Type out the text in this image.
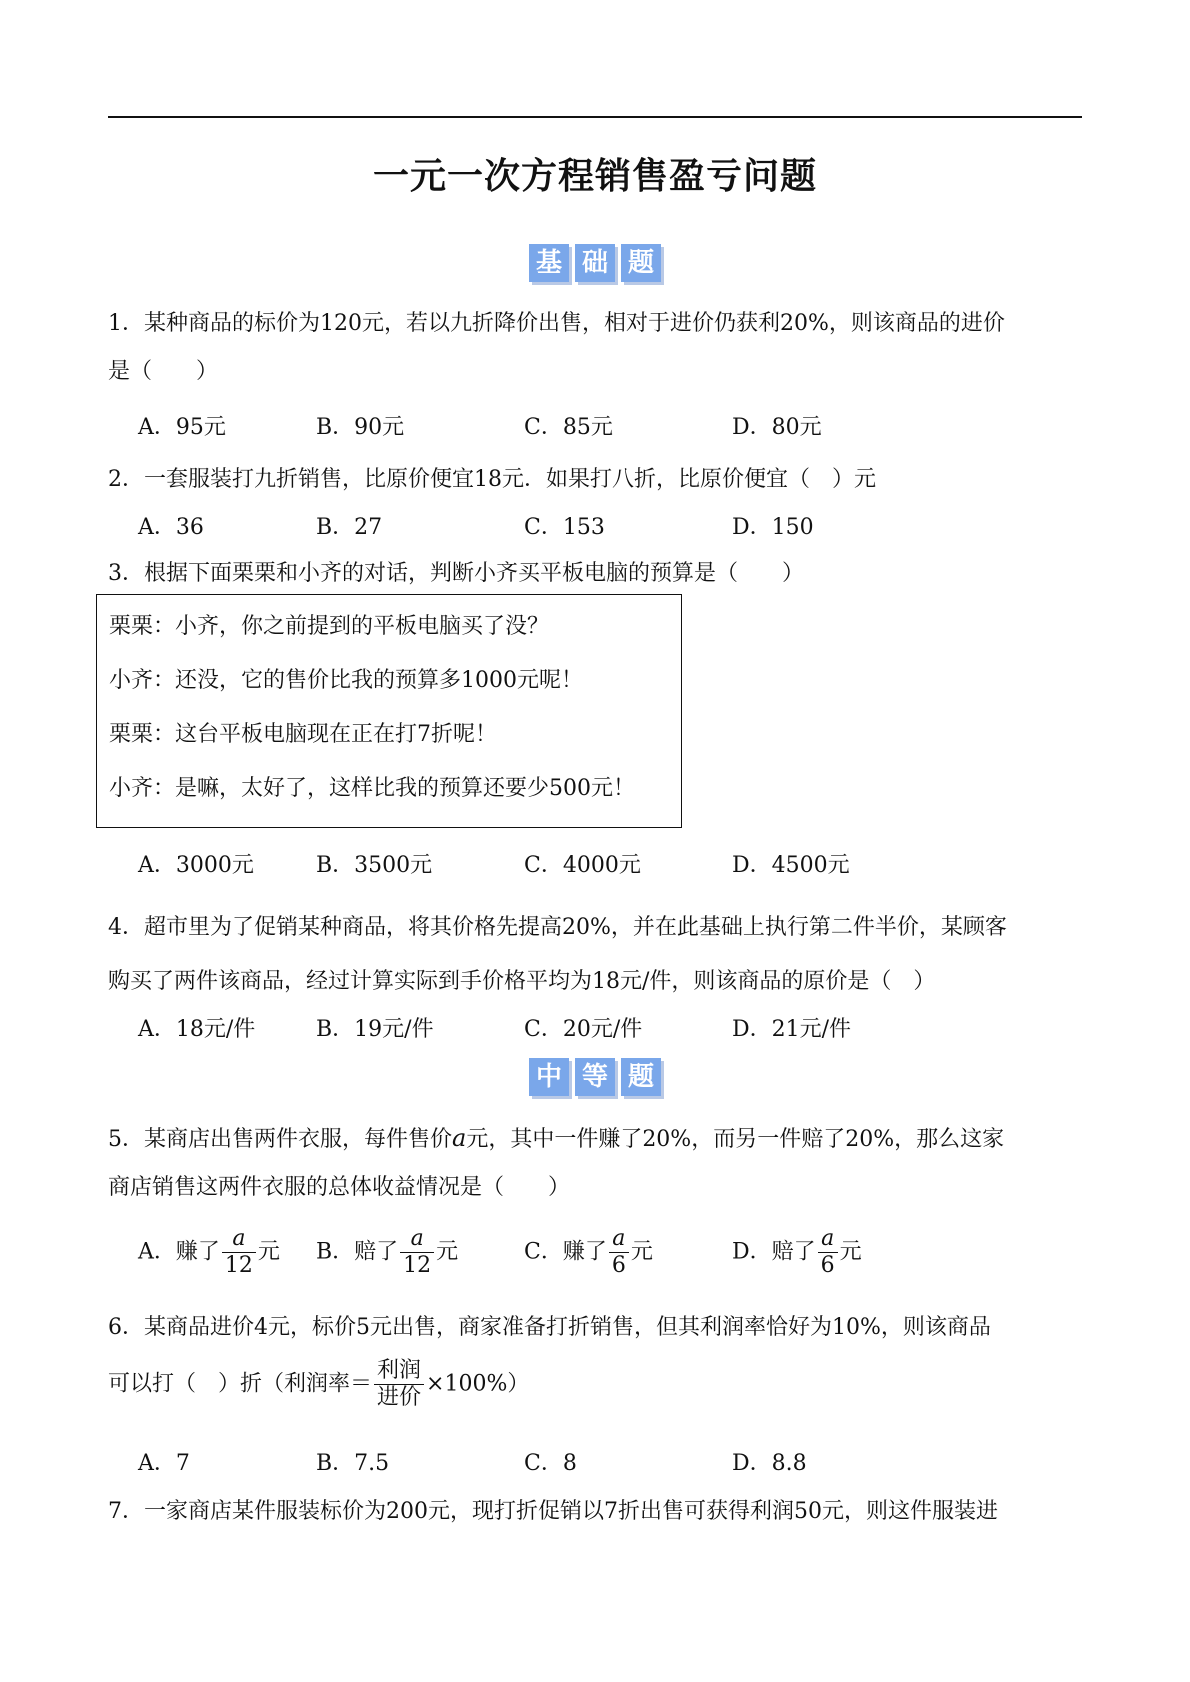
一元一次方程销售盈亏问题
基 础 题
1．某种商品的标价为120元，若以九折降价出售，相对于进价仍获利20%，则该商品的进价
是（　　）
A．95元	B．90元	C．85元	D．80元
2．一套服装打九折销售，比原价便宜18元．如果打八折，比原价便宜（　）元
A．36	B．27	C．153	D．150
3．根据下面栗栗和小齐的对话，判断小齐买平板电脑的预算是（　　）
栗栗：小齐，你之前提到的平板电脑买了没？
小齐：还没，它的售价比我的预算多1000元呢！
栗栗：这台平板电脑现在正在打7折呢！
小齐：是嘛，太好了，这样比我的预算还要少500元！
A．3000元	B．3500元	C．4000元	D．4500元
4．超市里为了促销某种商品，将其价格先提高20%，并在此基础上执行第二件半价，某顾客
购买了两件该商品，经过计算实际到手价格平均为18元/件，则该商品的原价是（　）
A．18元/件	B．19元/件	C．20元/件	D．21元/件
中 等 题
5．某商店出售两件衣服，每件售价a元，其中一件赚了20%，而另一件赔了20%，那么这家
商店销售这两件衣服的总体收益情况是（　　）
A．赚了 $\frac{a}{12}$ 元 B．赔了 $\frac{a}{12}$ 元	C．赚了 $\frac{a}{6}$ 元	D．赔了 $\frac{a}{6}$ 元
6．某商品进价4元，标价5元出售，商家准备打折销售，但其利润率恰好为10%，则该商品
可以打（　）折（利润率＝ $\frac{\text{利润}}{\text{进价}} \times 100\%$）
A．7	B．7.5	C．8	D．8.8
7．一家商店某件服装标价为200元，现打折促销以7折出售可获得利润50元，则这件服装进
